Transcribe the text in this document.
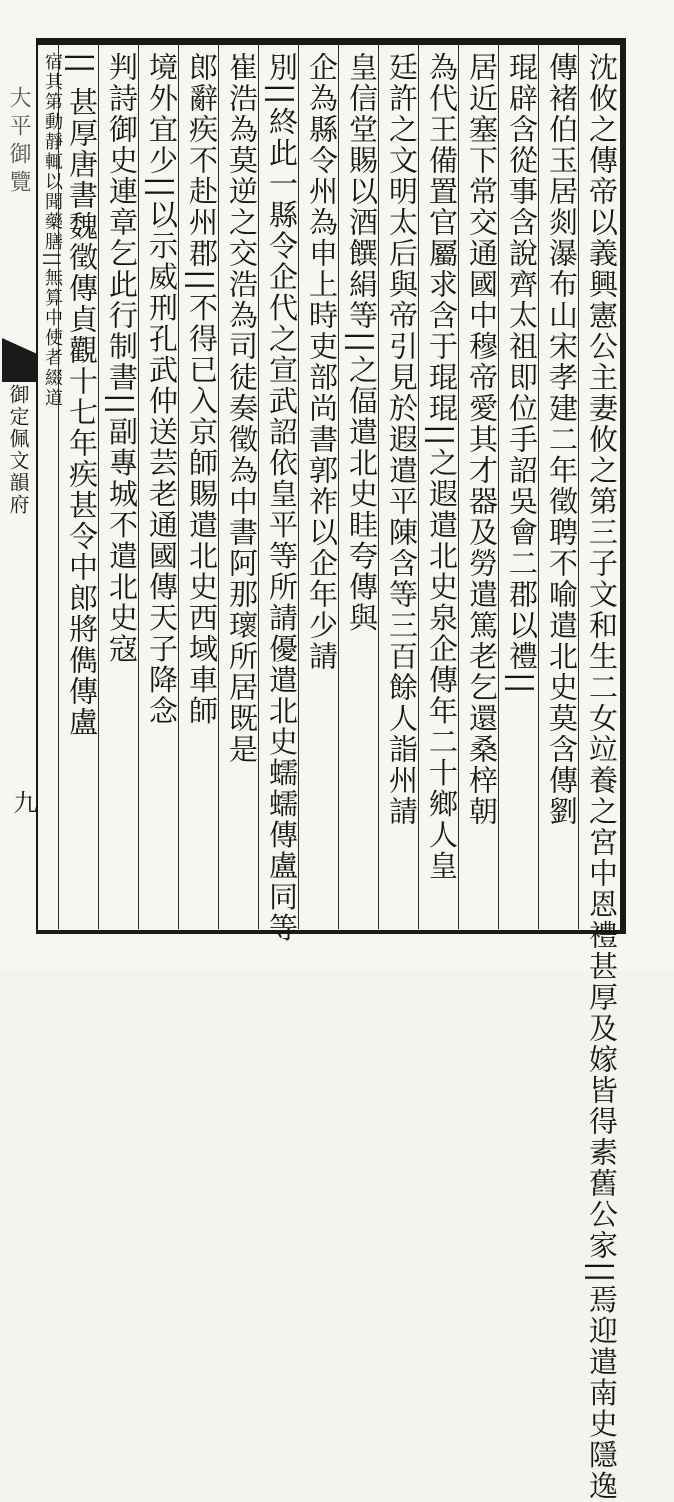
大平御覽
御定佩文韻府
九	沈攸之傳帝以義興憲公主妻攸之第三子文和生二女竝養之宮中恩禮甚厚及嫁皆得素舊公家||焉迎遣南史隱逸
傳褚伯玉居剡瀑布山宋孝建二年徵聘不喻遣北史莫含傳劉
琨辟含從事含說齊太祖即位手詔吳會二郡以禮||
居近塞下常交通國中穆帝愛其才器及勞遣篤老乞還桑梓朝
為代王備置官屬求含于琨琨||之遐遣北史泉企傳年二十鄉人皇
廷許之文明太后與帝引見於遐遣平陳含等三百餘人詣州請
皇信堂賜以酒饌絹等||之偪遣北史眭夸傳與
企為縣令州為申上時吏部尚書郭祚以企年少請
別||終此一縣令企代之宣武詔依皇平等所請優遣北史蠕蠕傳盧同等
崔浩為莫逆之交浩為司徒奏徵為中書阿那瓌所居既是
郎辭疾不赴州郡||不得已入京師賜遣北史西域車師
境外宜少||以示威刑孔武仲送芸老通國傳天子降念
判詩御史連章乞此行制書||副專城不遣北史寇
|| 甚厚唐書魏徵傳貞觀十七年疾甚令中郎將儁傳盧
宿其第動靜輒以聞藥膳||無算中使者綴道
